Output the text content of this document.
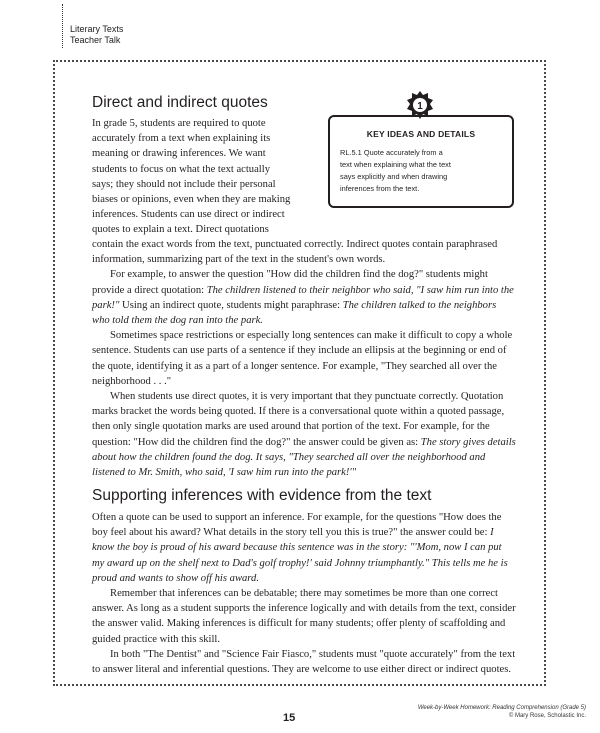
Literary Texts
Teacher Talk
Direct and indirect quotes

In grade 5, students are required to quote

accurately from a text when explaining its

meaning or drawing inferences. We want

students to focus on what the text actually

says; they should not include their personal

biases or opinions, even when they are making

inferences. Students can use direct or indirect

quotes to explain a text. Direct quotations

contain the exact words from the text, punctuated correctly. Indirect quotes contain paraphrased information, summarizing part of the text in the student's own words.

For example, to answer the question "How did the children find the dog?" students might provide a direct quotation: The children listened to their neighbor who said, "I saw him run into the park!" Using an indirect quote, students might paraphrase: The children talked to the neighbors who told them the dog ran into the park.

Sometimes space restrictions or especially long sentences can make it difficult to copy a whole sentence. Students can use parts of a sentence if they include an ellipsis at the beginning or end of the quote, identifying it as a part of a longer sentence. For example, "They searched all over the neighborhood . . ."

When students use direct quotes, it is very important that they punctuate correctly. Quotation marks bracket the words being quoted. If there is a conversational quote within a quoted passage, then only single quotation marks are used around that portion of the text. For example, for the question: "How did the children find the dog?" the answer could be given as: The story gives details about how the children found the dog. It says, "They searched all over the neighborhood and listened to Mr. Smith, who said, 'I saw him run into the park!'"

Supporting inferences with evidence from the text

Often a quote can be used to support an inference. For example, for the questions "How does the boy feel about his award? What details in the story tell you this is true?" the answer could be: I know the boy is proud of his award because this sentence was in the story: "'Mom, now I can put my award up on the shelf next to Dad's golf trophy!' said Johnny triumphantly." This tells me he is proud and wants to show off his award.

Remember that inferences can be debatable; there may sometimes be more than one correct answer. As long as a student supports the inference logically and with details from the text, consider the answer valid. Making inferences is difficult for many students; offer plenty of scaffolding and guided practice with this skill.

In both "The Dentist" and "Science Fair Fiasco," students must "quote accurately" from the text to answer literal and inferential questions. They are welcome to use either direct or indirect quotes.

KEY IDEAS AND DETAILS
RL.5.1 Quote accurately from a
text when explaining what the text
says explicitly and when drawing
inferences from the text.
1
15
Week-by-Week Homework: Reading Comprehension (Grade 5)
© Mary Rose, Scholastic Inc.
